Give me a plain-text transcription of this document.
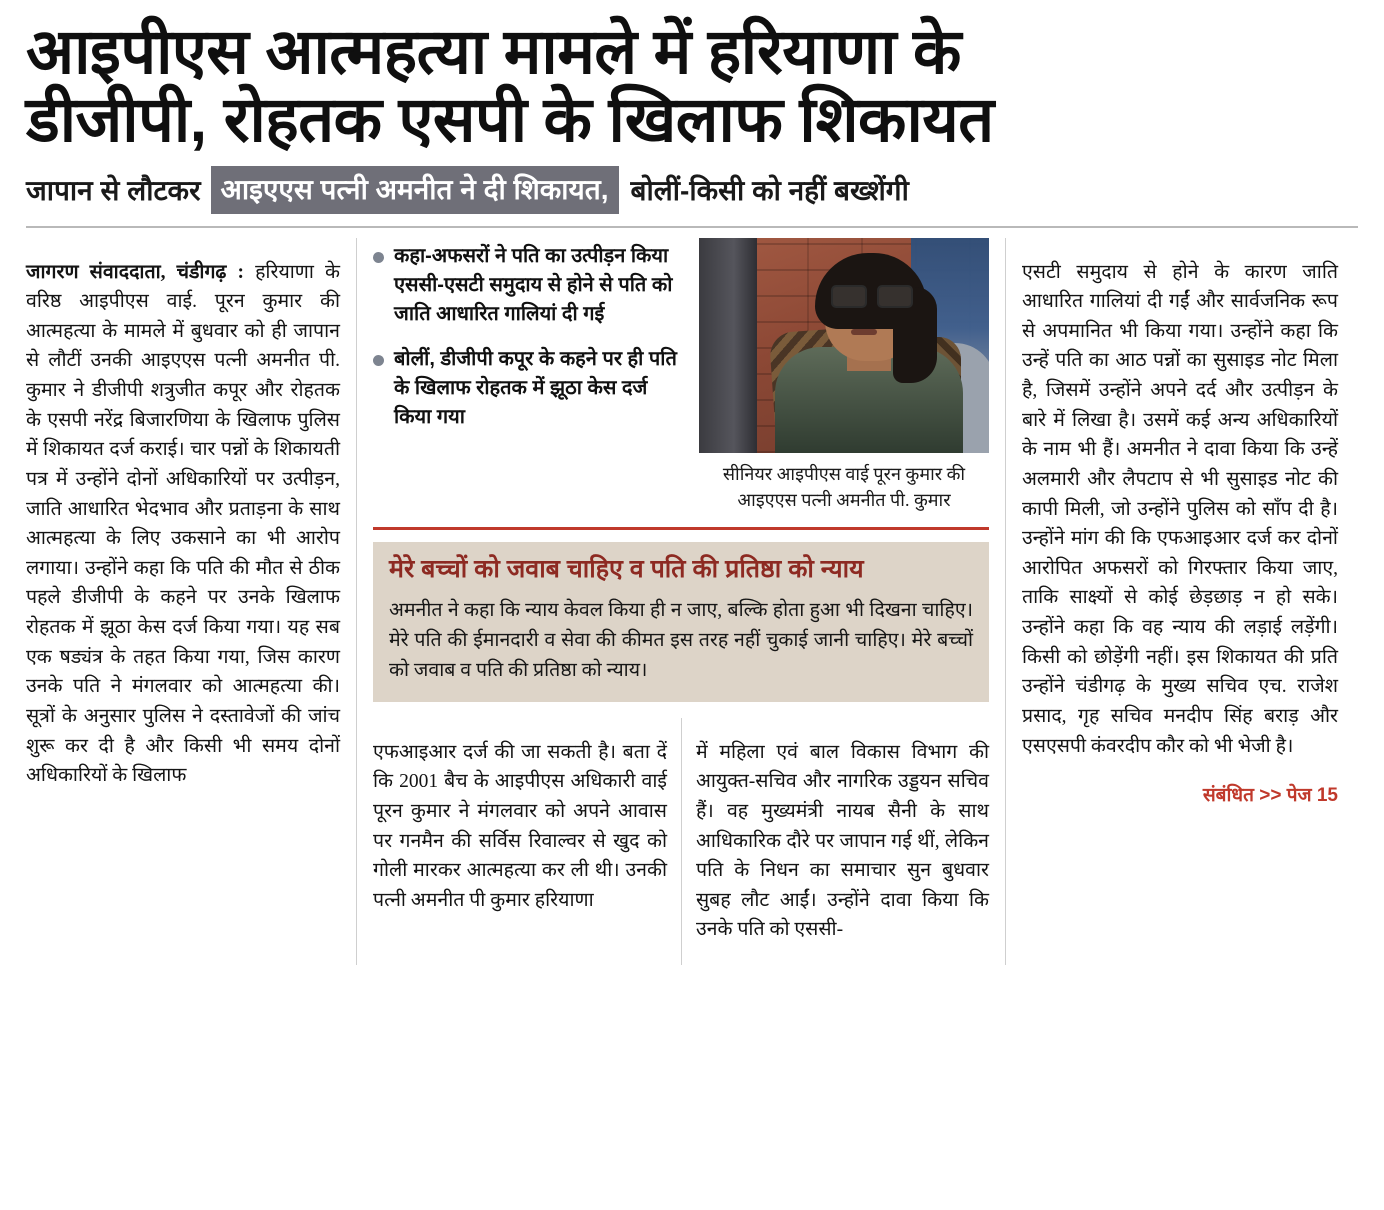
आइपीएस आत्महत्या मामले में हरियाणा के
डीजीपी, रोहतक एसपी के खिलाफ शिकायत
जापान से लौटकर आइएएस पत्नी अमनीत ने दी शिकायत, बोलीं-किसी को नहीं बख्शेंगी

जागरण संवाददाता, चंडीगढ़ : हरियाणा के वरिष्ठ आइपीएस वाई. पूरन कुमार की आत्महत्या के मामले में बुधवार को ही जापान से लौटीं उनकी आइएएस पत्नी अमनीत पी. कुमार ने डीजीपी शत्रुजीत कपूर और रोहतक के एसपी नरेंद्र बिजारणिया के खिलाफ पुलिस में शिकायत दर्ज कराई। चार पन्नों के शिकायती पत्र में उन्होंने दोनों अधिकारियों पर उत्पीड़न, जाति आधारित भेदभाव और प्रताड़ना के साथ आत्महत्या के लिए उकसाने का भी आरोप लगाया। उन्होंने कहा कि पति की मौत से ठीक पहले डीजीपी के कहने पर उनके खिलाफ रोहतक में झूठा केस दर्ज किया गया। यह सब एक षड्यंत्र के तहत किया गया, जिस कारण उनके पति ने मंगलवार को आत्महत्या की। सूत्रों के अनुसार पुलिस ने दस्तावेजों की जांच शुरू कर दी है और किसी भी समय दोनों अधिकारियों के खिलाफ

कहा-अफसरों ने पति का उत्पीड़न किया एससी-एसटी समुदाय से होने से पति को जाति आधारित गालियां दी गई
बोलीं, डीजीपी कपूर के कहने पर ही पति के खिलाफ रोहतक में झूठा केस दर्ज किया गया
सीनियर आइपीएस वाई पूरन कुमार की आइएएस पत्नी अमनीत पी. कुमार
मेरे बच्चों को जवाब चाहिए व पति की प्रतिष्ठा को न्याय

अमनीत ने कहा कि न्याय केवल किया ही न जाए, बल्कि होता हुआ भी दिखना चाहिए। मेरे पति की ईमानदारी व सेवा की कीमत इस तरह नहीं चुकाई जानी चाहिए। मेरे बच्चों को जवाब व पति की प्रतिष्ठा को न्याय।

एफआइआर दर्ज की जा सकती है। बता दें कि 2001 बैच के आइपीएस अधिकारी वाई पूरन कुमार ने मंगलवार को अपने आवास पर गनमैन की सर्विस रिवाल्वर से खुद को गोली मारकर आत्महत्या कर ली थी। उनकी पत्नी अमनीत पी कुमार हरियाणा

में महिला एवं बाल विकास विभाग की आयुक्त-सचिव और नागरिक उड्डयन सचिव हैं। वह मुख्यमंत्री नायब सैनी के साथ आधिकारिक दौरे पर जापान गई थीं, लेकिन पति के निधन का समाचार सुन बुधवार सुबह लौट आईं। उन्होंने दावा किया कि उनके पति को एससी-

एसटी समुदाय से होने के कारण जाति आधारित गालियां दी गईं और सार्वजनिक रूप से अपमानित भी किया गया। उन्होंने कहा कि उन्हें पति का आठ पन्नों का सुसाइड नोट मिला है, जिसमें उन्होंने अपने दर्द और उत्पीड़न के बारे में लिखा है। उसमें कई अन्य अधिकारियों के नाम भी हैं। अमनीत ने दावा किया कि उन्हें अलमारी और लैपटाप से भी सुसाइड नोट की कापी मिली, जो उन्होंने पुलिस को साँप दी है। उन्होंने मांग की कि एफआइआर दर्ज कर दोनों आरोपित अफसरों को गिरफ्तार किया जाए, ताकि साक्ष्यों से कोई छेड़छाड़ न हो सके। उन्होंने कहा कि वह न्याय की लड़ाई लड़ेंगी। किसी को छोड़ेंगी नहीं। इस शिकायत की प्रति उन्होंने चंडीगढ़ के मुख्य सचिव एच. राजेश प्रसाद, गृह सचिव मनदीप सिंह बराड़ और एसएसपी कंवरदीप कौर को भी भेजी है।

संबंधित >> पेज 15
